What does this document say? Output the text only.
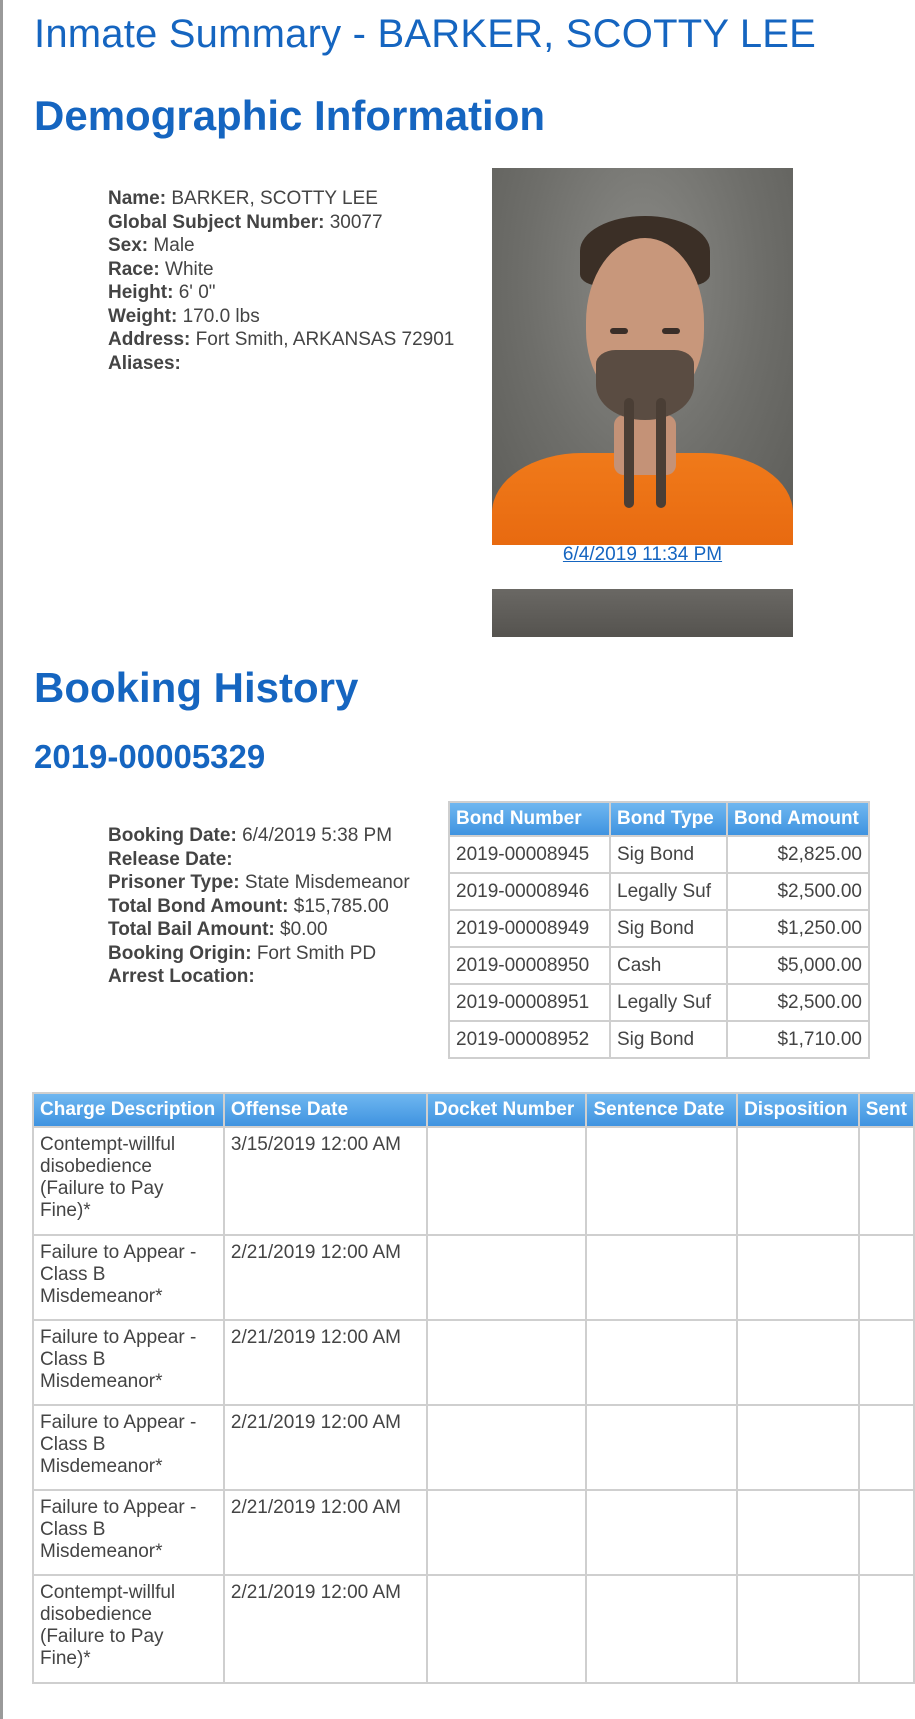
Inmate Summary - BARKER, SCOTTY LEE
Demographic Information
Name: BARKER, SCOTTY LEE
Global Subject Number: 30077
Sex: Male
Race: White
Height: 6' 0"
Weight: 170.0 lbs
Address: Fort Smith, ARKANSAS 72901
Aliases:
6/4/2019 11:34 PM
Booking History
2019-00005329
Booking Date: 6/4/2019 5:38 PM
Release Date:
Prisoner Type: State Misdemeanor
Total Bond Amount: $15,785.00
Total Bail Amount: $0.00
Booking Origin: Fort Smith PD
Arrest Location:
Bond Number	Bond Type	Bond Amount
2019-00008945	Sig Bond	$2,825.00
2019-00008946	Legally Suf	$2,500.00
2019-00008949	Sig Bond	$1,250.00
2019-00008950	Cash	$5,000.00
2019-00008951	Legally Suf	$2,500.00
2019-00008952	Sig Bond	$1,710.00
Charge Description	Offense Date	Docket Number	Sentence Date	Disposition	Sent
Contempt-willful disobedience (Failure to Pay Fine)*	3/15/2019 12:00 AM				
Failure to Appear - Class B Misdemeanor*	2/21/2019 12:00 AM				
Failure to Appear - Class B Misdemeanor*	2/21/2019 12:00 AM				
Failure to Appear - Class B Misdemeanor*	2/21/2019 12:00 AM				
Failure to Appear - Class B Misdemeanor*	2/21/2019 12:00 AM				
Contempt-willful disobedience (Failure to Pay Fine)*	2/21/2019 12:00 AM				
